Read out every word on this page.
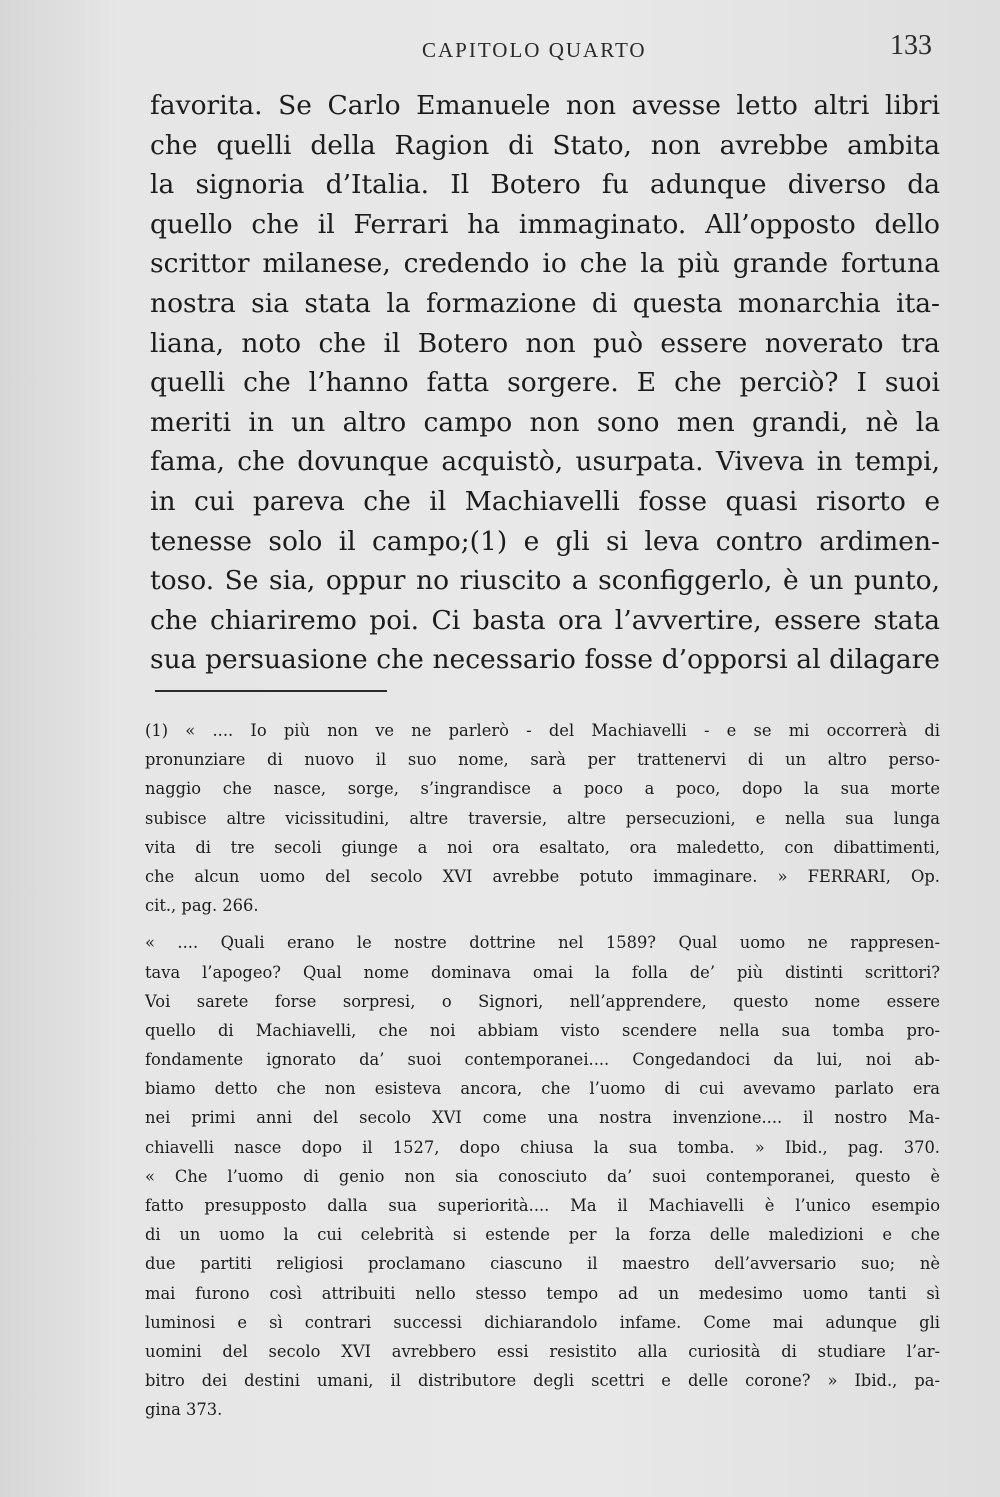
CAPITOLO QUARTO	133
favorita. Se Carlo Emanuele non avesse letto altri libri
che quelli della Ragion di Stato, non avrebbe ambita
la signoria d’Italia. Il Botero fu adunque diverso da
quello che il Ferrari ha immaginato. All’opposto dello
scrittor milanese, credendo io che la più grande fortuna
nostra sia stata la formazione di questa monarchia ita-
liana, noto che il Botero non può essere noverato tra
quelli che l’hanno fatta sorgere. E che perciò? I suoi
meriti in un altro campo non sono men grandi, nè la
fama, che dovunque acquistò, usurpata. Viveva in tempi,
in cui pareva che il Machiavelli fosse quasi risorto e
tenesse solo il campo;(1) e gli si leva contro ardimen-
toso. Se sia, oppur no riuscito a sconfiggerlo, è un punto,
che chiariremo poi. Ci basta ora l’avvertire, essere stata
sua persuasione che necessario fosse d’opporsi al dilagare
(1) « .... Io più non ve ne parlerò - del Machiavelli - e se mi occorrerà di
pronunziare di nuovo il suo nome, sarà per trattenervi di un altro perso-
naggio che nasce, sorge, s’ingrandisce a poco a poco, dopo la sua morte
subisce altre vicissitudini, altre traversie, altre persecuzioni, e nella sua lunga
vita di tre secoli giunge a noi ora esaltato, ora maledetto, con dibattimenti,
che alcun uomo del secolo XVI avrebbe potuto immaginare. » FERRARI, Op.
cit., pag. 266.
« .... Quali erano le nostre dottrine nel 1589? Qual uomo ne rappresen-
tava l’apogeo? Qual nome dominava omai la folla de’ più distinti scrittori?
Voi sarete forse sorpresi, o Signori, nell’apprendere, questo nome essere
quello di Machiavelli, che noi abbiam visto scendere nella sua tomba pro-
fondamente ignorato da’ suoi contemporanei.... Congedandoci da lui, noi ab-
biamo detto che non esisteva ancora, che l’uomo di cui avevamo parlato era
nei primi anni del secolo XVI come una nostra invenzione.... il nostro Ma-
chiavelli nasce dopo il 1527, dopo chiusa la sua tomba. » Ibid., pag. 370.
« Che l’uomo di genio non sia conosciuto da’ suoi contemporanei, questo è
fatto presupposto dalla sua superiorità.... Ma il Machiavelli è l’unico esempio
di un uomo la cui celebrità si estende per la forza delle maledizioni e che
due partiti religiosi proclamano ciascuno il maestro dell’avversario suo; nè
mai furono così attribuiti nello stesso tempo ad un medesimo uomo tanti sì
luminosi e sì contrari successi dichiarandolo infame. Come mai adunque gli
uomini del secolo XVI avrebbero essi resistito alla curiosità di studiare l’ar-
bitro dei destini umani, il distributore degli scettri e delle corone? » Ibid., pa-
gina 373.
